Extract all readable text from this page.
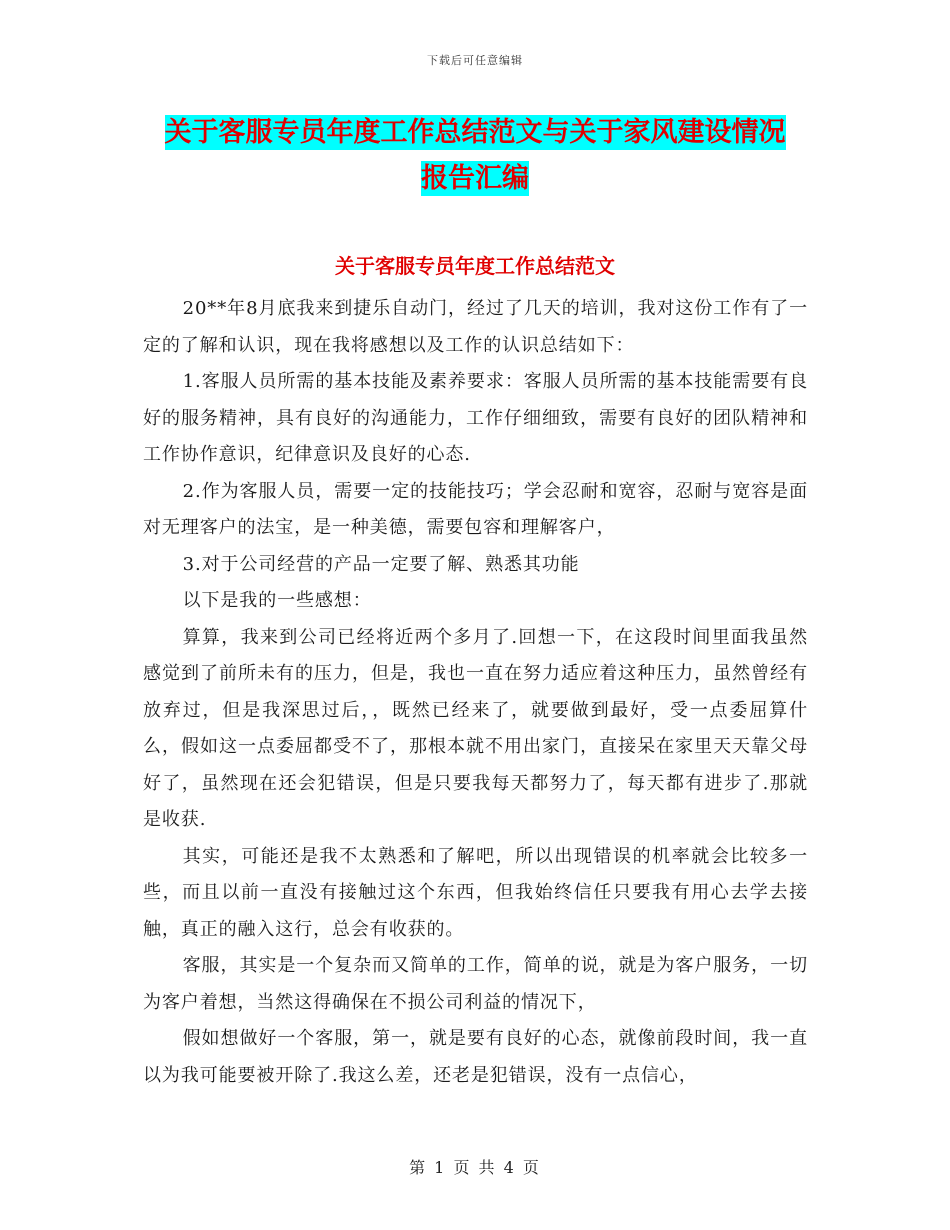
下载后可任意编辑
关于客服专员年度工作总结范文与关于家风建设情况
报告汇编
关于客服专员年度工作总结范文

20**年8月底我来到捷乐自动门，经过了几天的培训，我对这份工作有了一定的了解和认识，现在我将感想以及工作的认识总结如下：

1.客服人员所需的基本技能及素养要求：客服人员所需的基本技能需要有良好的服务精神，具有良好的沟通能力，工作仔细细致，需要有良好的团队精神和工作协作意识，纪律意识及良好的心态.

2.作为客服人员，需要一定的技能技巧；学会忍耐和宽容，忍耐与宽容是面对无理客户的法宝，是一种美德，需要包容和理解客户，

3.对于公司经营的产品一定要了解、熟悉其功能

以下是我的一些感想：

算算，我来到公司已经将近两个多月了.回想一下，在这段时间里面我虽然感觉到了前所未有的压力，但是，我也一直在努力适应着这种压力，虽然曾经有放弃过，但是我深思过后，，既然已经来了，就要做到最好，受一点委屈算什么，假如这一点委屈都受不了，那根本就不用出家门，直接呆在家里天天靠父母好了，虽然现在还会犯错误，但是只要我每天都努力了，每天都有进步了.那就是收获.

其实，可能还是我不太熟悉和了解吧，所以出现错误的机率就会比较多一些，而且以前一直没有接触过这个东西，但我始终信任只要我有用心去学去接触，真正的融入这行，总会有收获的。

客服，其实是一个复杂而又简单的工作，简单的说，就是为客户服务，一切为客户着想，当然这得确保在不损公司利益的情况下，

假如想做好一个客服，第一，就是要有良好的心态，就像前段时间，我一直以为我可能要被开除了.我这么差，还老是犯错误，没有一点信心，

第 1 页 共 4 页
